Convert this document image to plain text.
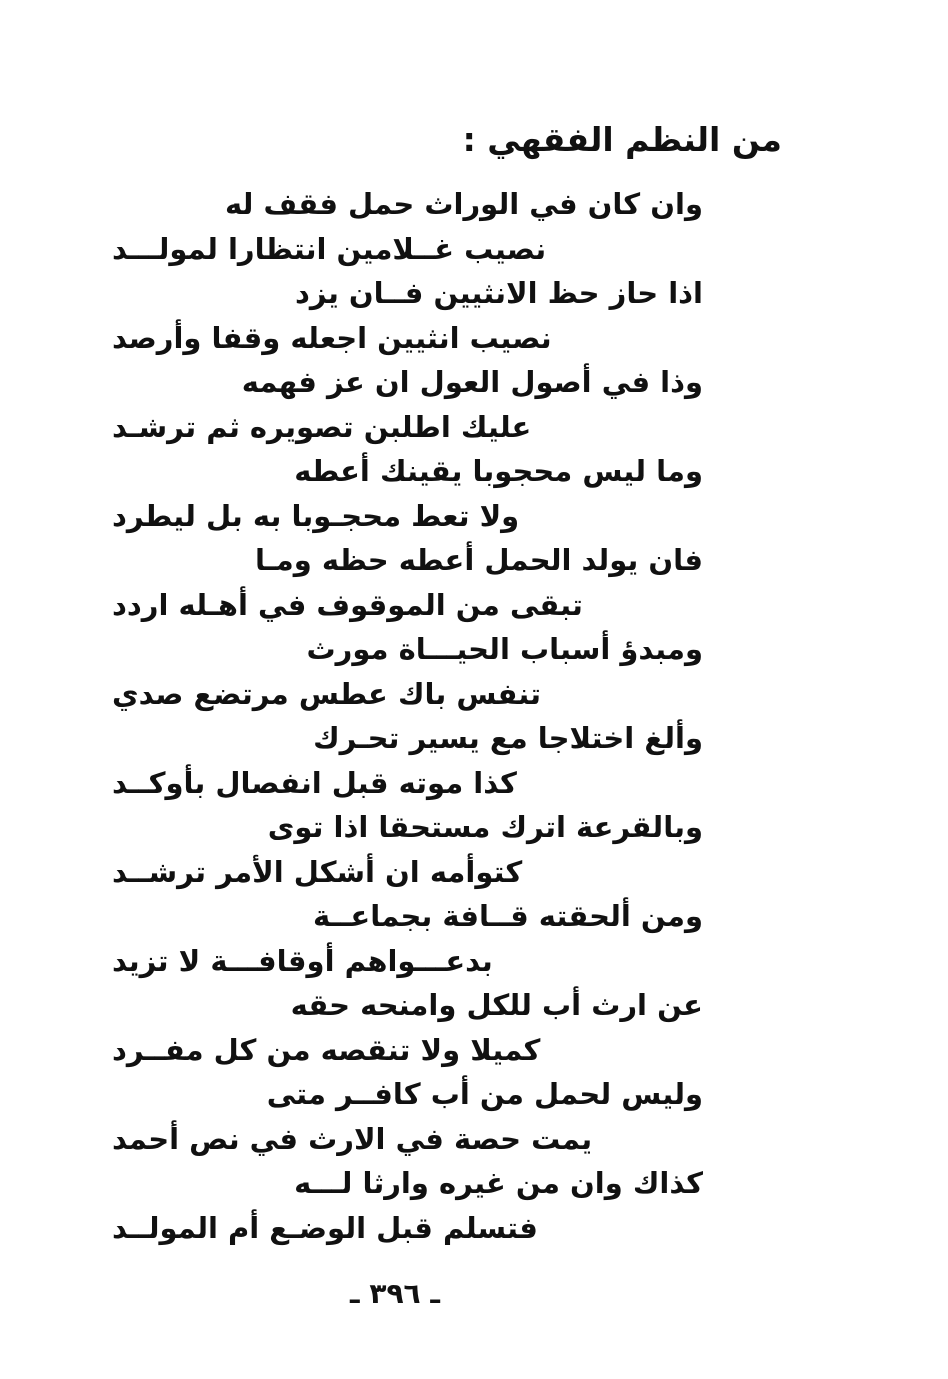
من النظم الفقهي :
وان كان في الوراث حمل فقف له
نصيب غــلامين انتظارا لمولـــد
اذا حاز حظ الانثيين فــان يزد
نصيب انثيين اجعله وقفا وأرصد
وذا في أصول العول ان عز فهمه
عليك اطلبن تصويره ثم ترشـد
وما ليس محجوبا يقينك أعطه
ولا تعط محجـوبا به بل ليطرد
فان يولد الحمل أعطه حظه ومـا
تبقى من الموقوف في أهـله اردد
ومبدؤ أسباب الحيـــاة مورث
تنفس باك عطس مرتضع صدي
وألغ اختلاجا مع يسير تحـرك
كذا موته قبل انفصال بأوكــد
وبالقرعة اترك مستحقا اذا توى
كتوأمه ان أشكل الأمر ترشــد
ومن ألحقته قــافة بجماعــة
بدعـــواهم أوقافـــة لا تزيد
عن ارث أب للكل وامنحه حقه
كميلا ولا تنقصه من كل مفــرد
وليس لحمل من أب كافــر متى
يمت حصة في الارث في نص أحمد
كذاك وان من غيره وارثا لـــه
فتسلم قبل الوضـع أم المولــد
ـ ٣٩٦ ـ
